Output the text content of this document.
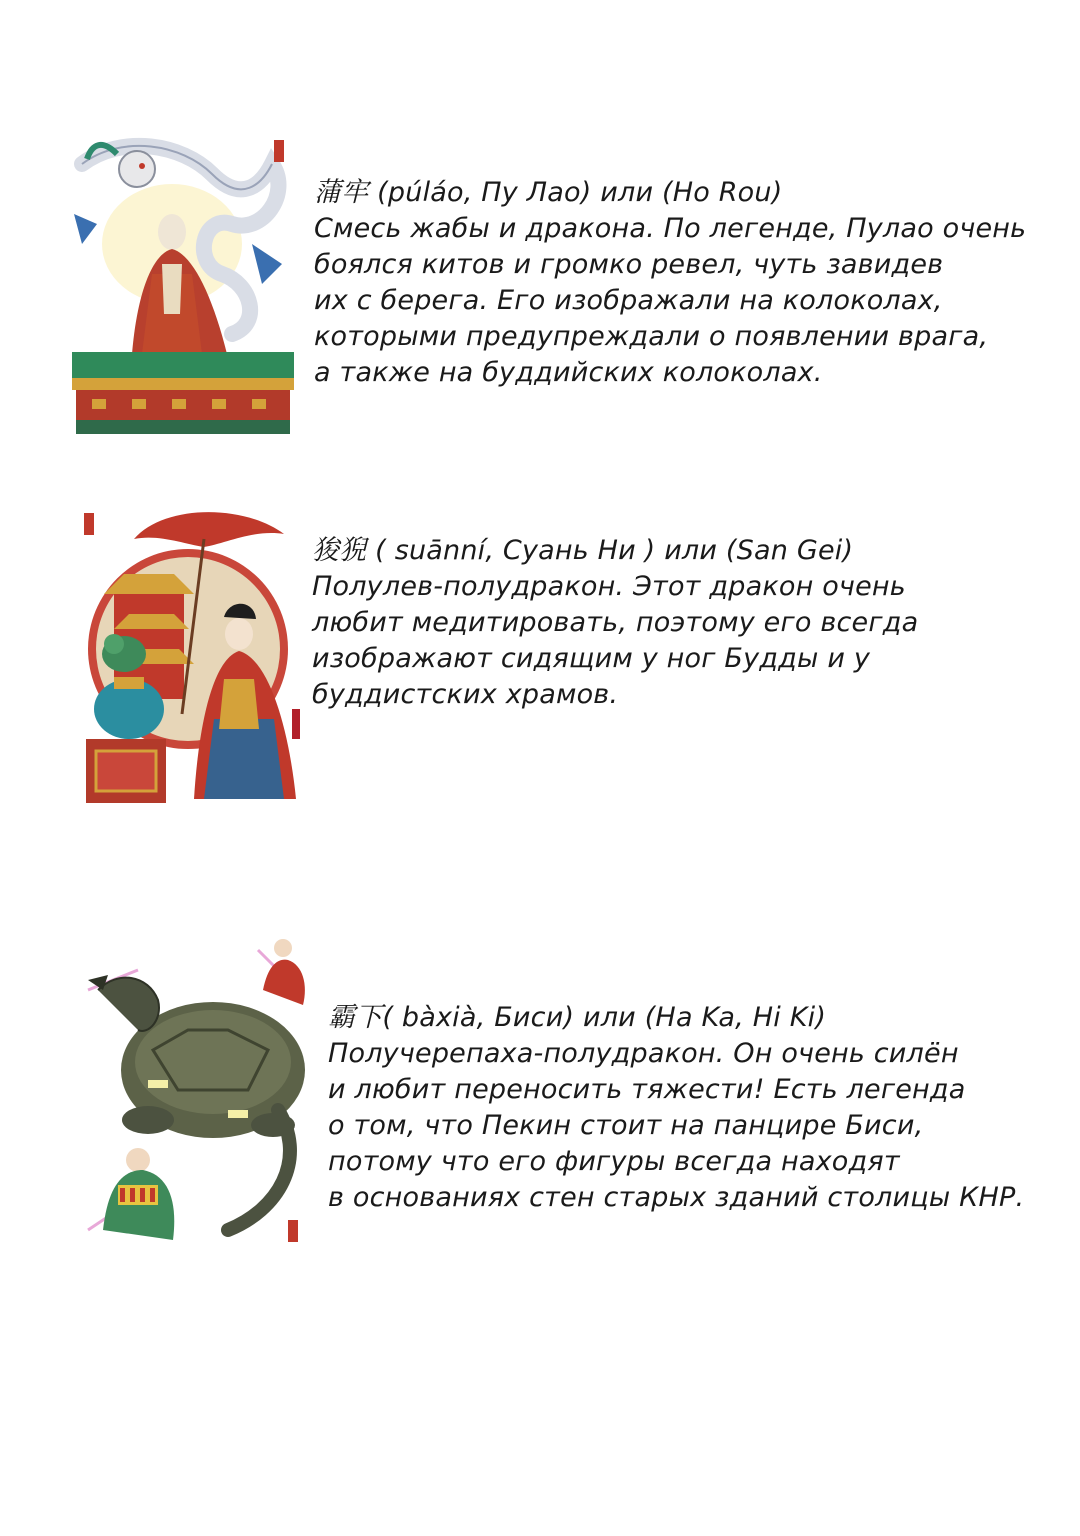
蒲牢 (púláo, Пу Лао) или (Ho Rou)
Смесь жабы и дракона. По легенде, Пулао очень
боялся китов и громко ревел, чуть завидев
их с берега. Его изображали на колоколах,
которыми предупреждали о появлении врага,
а также на буддийских колоколах.
狻猊 ( suānní, Суань Ни ) или (San Gei)
Полулев-полудракон. Этот дракон очень
любит медитировать, поэтому его всегда
изображают сидящим у ног Будды и у
буддистских храмов.
霸下( bàxià, Биси) или (Ha Ka, Hi Ki)
Получерепаха-полудракон. Он очень силён
и любит переносить тяжести! Есть легенда
о том, что Пекин стоит на панцире Биси,
потому что его фигуры всегда находят
в основаниях стен старых зданий столицы КНР.
